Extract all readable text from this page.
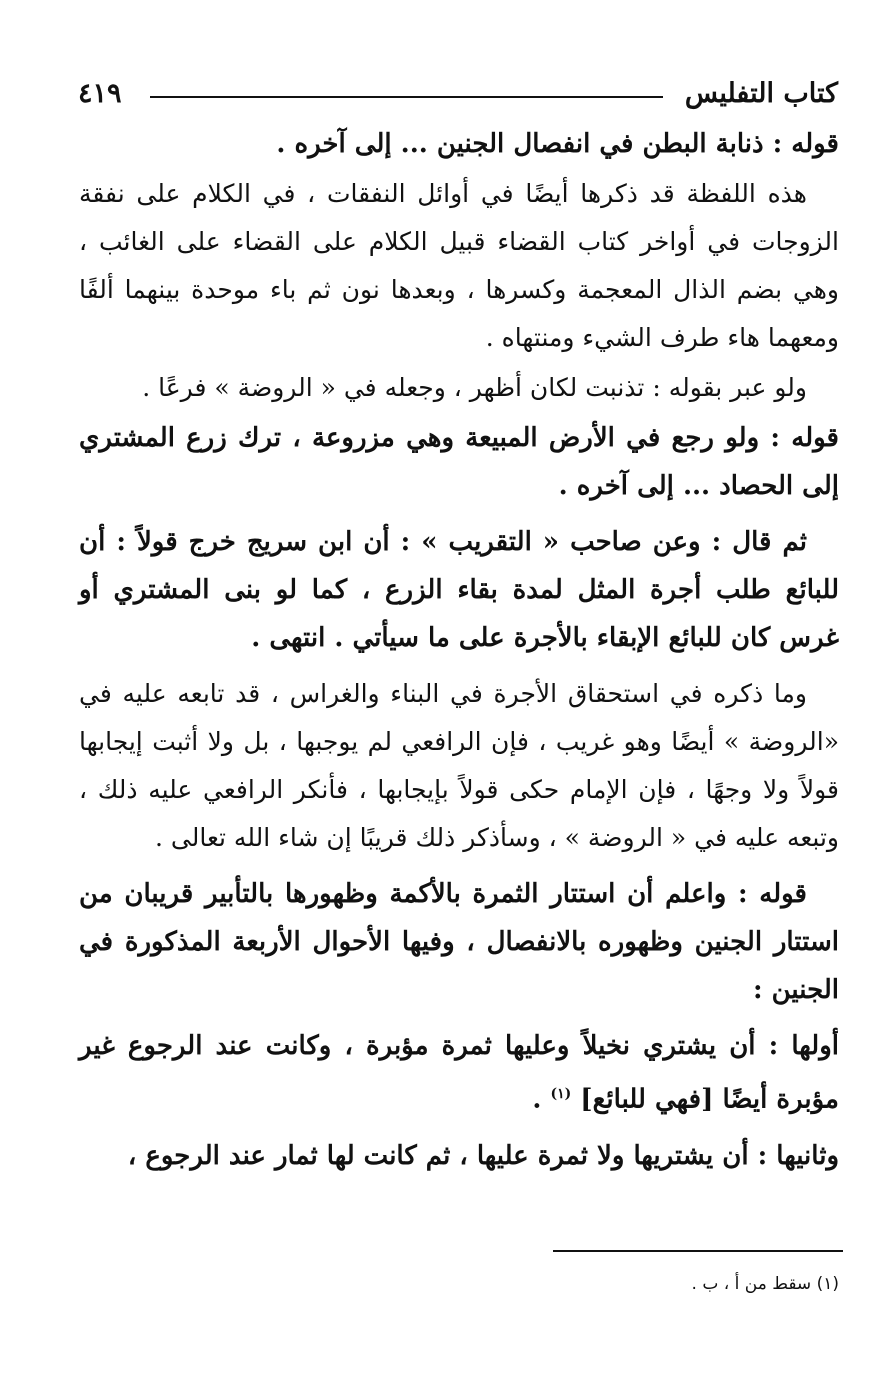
كتاب التفليس
٤١٩

قوله : ذنابة البطن في انفصال الجنين ... إلى آخره .

هذه اللفظة قد ذكرها أيضًا في أوائل النفقات ، في الكلام على نفقة الزوجات في أواخر كتاب القضاء قبيل الكلام على القضاء على الغائب ، وهي بضم الذال المعجمة وكسرها ، وبعدها نون ثم باء موحدة بينهما ألفًا ومعهما هاء طرف الشيء ومنتهاه .

ولو عبر بقوله : تذنبت لكان أظهر ، وجعله في « الروضة » فرعًا .

قوله : ولو رجع في الأرض المبيعة وهي مزروعة ، ترك زرع المشتري إلى الحصاد ... إلى آخره .

ثم قال : وعن صاحب « التقريب » : أن ابن سريج خرج قولاً : أن للبائع طلب أجرة المثل لمدة بقاء الزرع ، كما لو بنى المشتري أو غرس كان للبائع الإبقاء بالأجرة على ما سيأتي . انتهى .

وما ذكره في استحقاق الأجرة في البناء والغراس ، قد تابعه عليه في «الروضة » أيضًا وهو غريب ، فإن الرافعي لم يوجبها ، بل ولا أثبت إيجابها قولاً ولا وجهًا ، فإن الإمام حكى قولاً بإيجابها ، فأنكر الرافعي عليه ذلك ، وتبعه عليه في « الروضة » ، وسأذكر ذلك قريبًا إن شاء الله تعالى .

قوله : واعلم أن استتار الثمرة بالأكمة وظهورها بالتأبير قريبان من استتار الجنين وظهوره بالانفصال ، وفيها الأحوال الأربعة المذكورة في الجنين :

أولها : أن يشتري نخيلاً وعليها ثمرة مؤبرة ، وكانت عند الرجوع غير مؤبرة أيضًا [فهي للبائع] $^{(١)}$ .

وثانيها : أن يشتريها ولا ثمرة عليها ، ثم كانت لها ثمار عند الرجوع ،

(١) سقط من أ ، ب .
